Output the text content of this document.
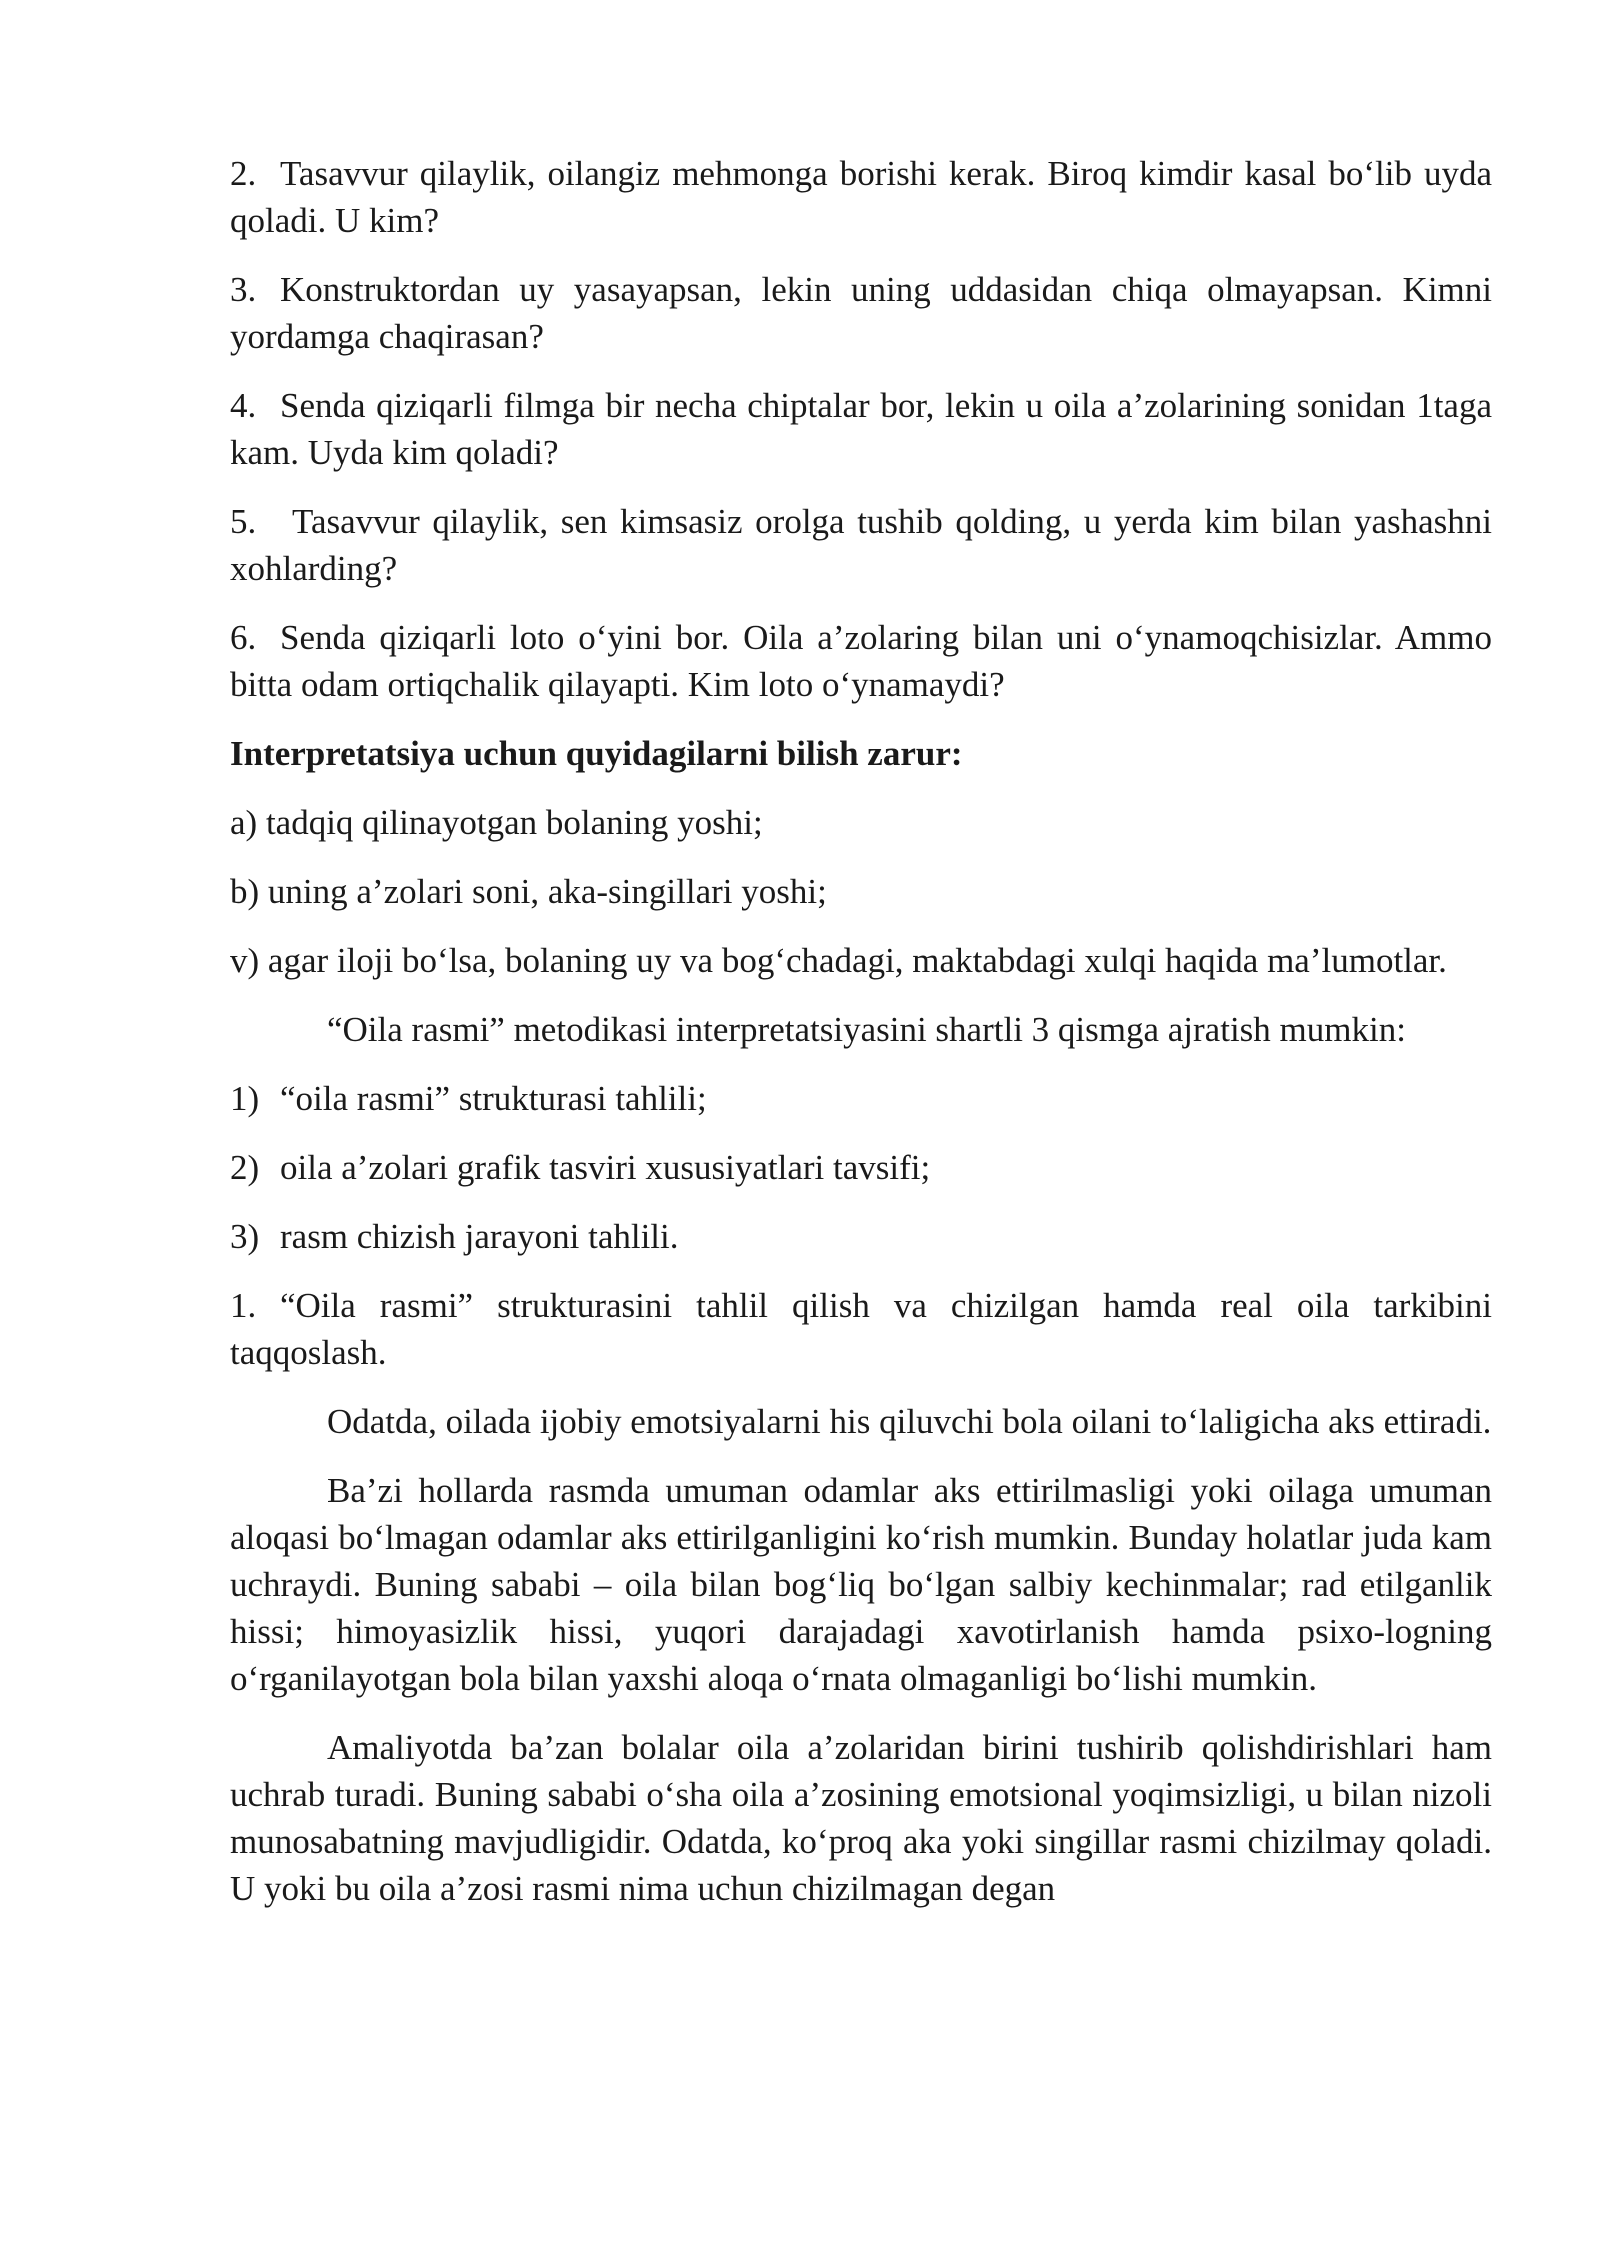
2. Tasavvur qilaylik, oilangiz mehmonga borishi kerak. Biroq kimdir kasal bo‘lib uyda qoladi. U kim?

3. Konstruktordan uy yasayapsan, lekin uning uddasidan chiqa olmayapsan. Kimni yordamga chaqirasan?

4. Senda qiziqarli filmga bir necha chiptalar bor, lekin u oila a’zolarining sonidan 1taga kam. Uyda kim qoladi?

5. Tasavvur qilaylik, sen kimsasiz orolga tushib qolding, u yerda kim bilan yashashni xohlarding?

6. Senda qiziqarli loto o‘yini bor. Oila a’zolaring bilan uni o‘ynamoqchisizlar. Ammo bitta odam ortiqchalik qilayapti. Kim loto o‘ynamaydi?

Interpretatsiya uchun quyidagilarni bilish zarur:

a) tadqiq qilinayotgan bolaning yoshi;

b) uning a’zolari soni, aka-singillari yoshi;

v) agar iloji bo‘lsa, bolaning uy va bog‘chadagi, maktabdagi xulqi haqida ma’lumotlar.

“Oila rasmi” metodikasi interpretatsiyasini shartli 3 qismga ajratish mumkin:

1) “oila rasmi” strukturasi tahlili;

2) oila a’zolari grafik tasviri xususiyatlari tavsifi;

3) rasm chizish jarayoni tahlili.

1. “Oila rasmi” strukturasini tahlil qilish va chizilgan hamda real oila tarkibini taqqoslash.

Odatda, oilada ijobiy emotsiyalarni his qiluvchi bola oilani to‘laligicha aks ettiradi.

Ba’zi hollarda rasmda umuman odamlar aks ettirilmasligi yoki oilaga umuman aloqasi bo‘lmagan odamlar aks ettirilganligini ko‘rish mumkin. Bunday holatlar juda kam uchraydi. Buning sababi – oila bilan bog‘liq bo‘lgan salbiy kechinmalar; rad etilganlik hissi; himoyasizlik hissi, yuqori darajadagi xavotirlanish hamda psixo-logning o‘rganilayotgan bola bilan yaxshi aloqa o‘rnata olmaganligi bo‘lishi mumkin.

Amaliyotda ba’zan bolalar oila a’zolaridan birini tushirib qolishdirishlari ham uchrab turadi. Buning sababi o‘sha oila a’zosining emotsional yoqimsizligi, u bilan nizoli munosabatning mavjudligidir. Odatda, ko‘proq aka yoki singillar rasmi chizilmay qoladi. U yoki bu oila a’zosi rasmi nima uchun chizilmagan degan
